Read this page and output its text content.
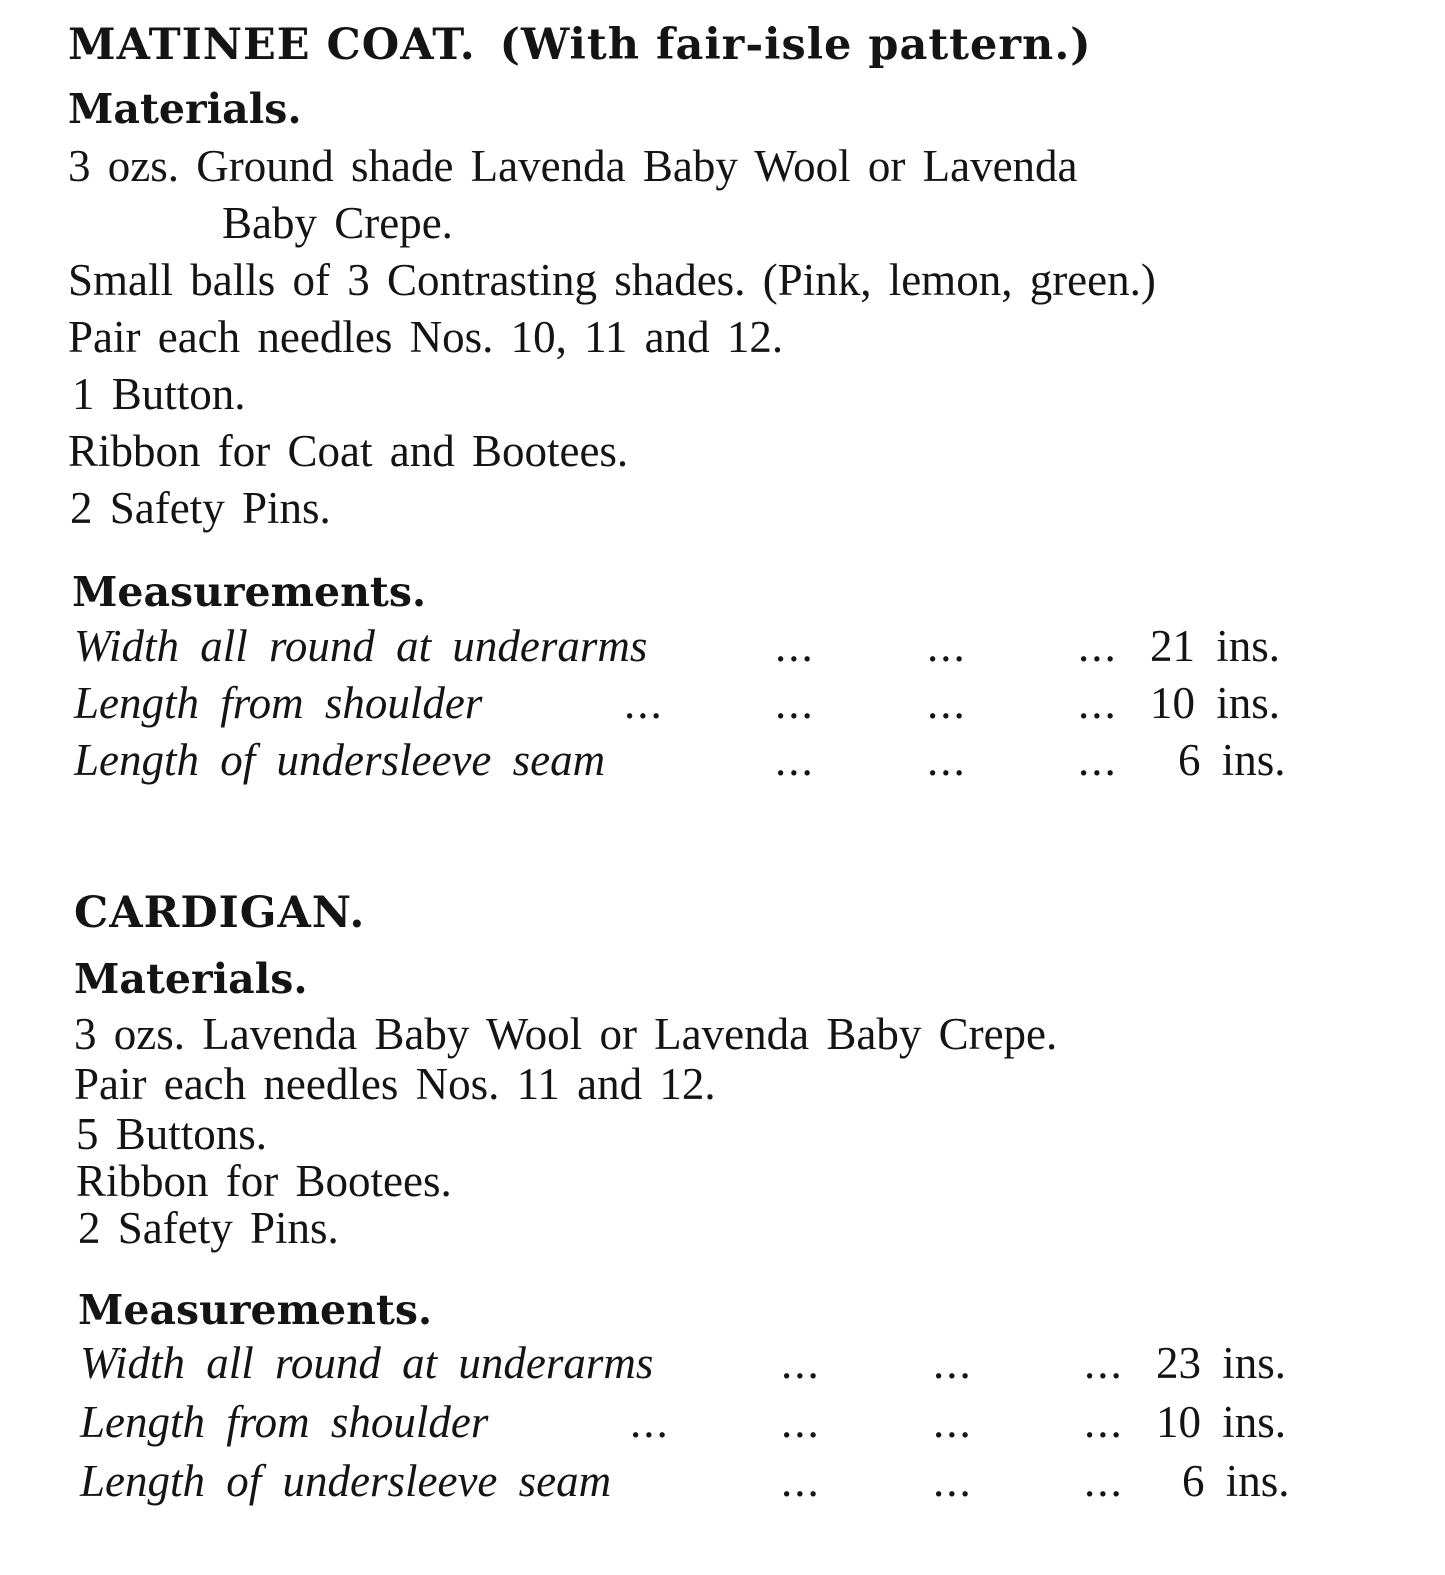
MATINEE COAT. (With fair-isle pattern.)
Materials.
3 ozs. Ground shade Lavenda Baby Wool or Lavenda
Baby Crepe.
Small balls of 3 Contrasting shades. (Pink, lemon, green.)
Pair each needles Nos. 10, 11 and 12.
1 Button.
Ribbon for Coat and Bootees.
2 Safety Pins.
Measurements.
Width all round at underarms	... ... ... 21 ins.
Length from shoulder	... ... ... ... 10 ins.
Length of undersleeve seam	... ... ... 6 ins.
CARDIGAN.
Materials.
3 ozs. Lavenda Baby Wool or Lavenda Baby Crepe.
Pair each needles Nos. 11 and 12.
5 Buttons.
Ribbon for Bootees.
2 Safety Pins.
Measurements.
Width all round at underarms	... ... ... 23 ins.
Length from shoulder	... ... ... ... 10 ins.
Length of undersleeve seam	... ... ... 6 ins.
